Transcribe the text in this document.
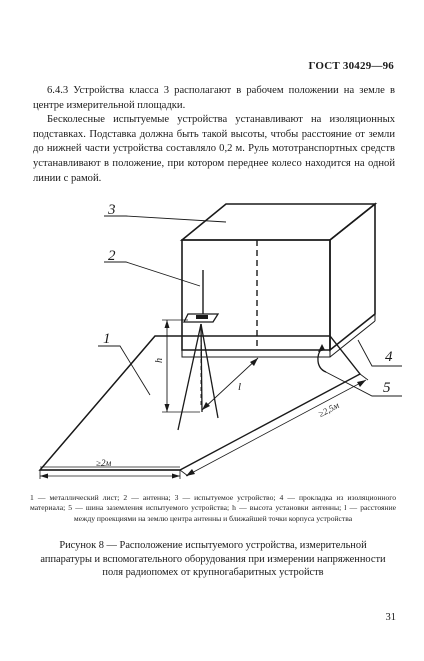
ГОСТ 30429—96

6.4.3 Устройства класса 3 располагают в рабочем положении на земле в центре измерительной площадки.

Бесколесные испытуемые устройства устанавливают на изоляционных подставках. Подставка должна быть такой высоты, чтобы расстояние от земли до нижней части устройства составляло 0,2 м. Руль мототранспортных средств устанавливают в положение, при котором переднее колесо находится на одной линии с рамой.

3
2
1
4
5
h
l
≥2м
≥2,5м
1 — металлический лист; 2 — антенна; 3 — испытуемое устройство; 4 — прокладка из изоляционного материала; 5 — шина заземления испытуемого устройства; h — высота установки антенны; l — расстояние между проекциями на землю центра антенны и ближайшей точки корпуса устройства
Рисунок 8 — Расположение испытуемого устройства, измерительной аппаратуры и вспомогательного оборудования при измерении напряженности поля радиопомех от крупногабаритных устройств
31
